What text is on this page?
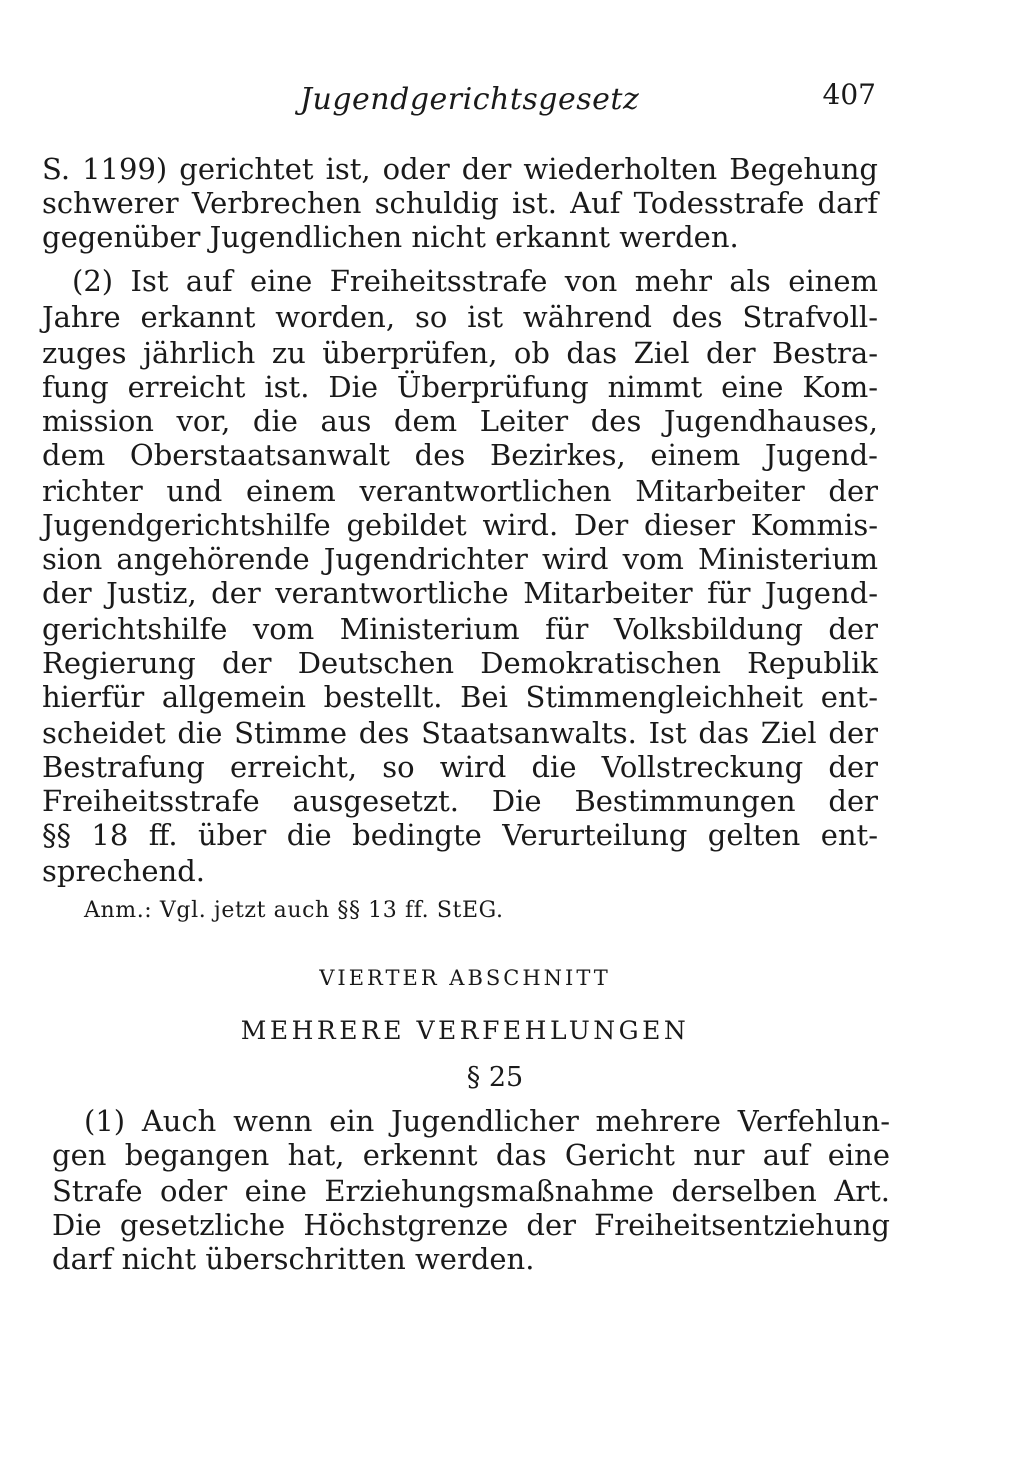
Jugendgerichtsgesetz	407
S. 1199) gerichtet ist, oder der wiederholten Begehung
schwerer Verbrechen schuldig ist. Auf Todesstrafe darf
gegenüber Jugendlichen nicht erkannt werden.
(2) Ist auf eine Freiheitsstrafe von mehr als einem
Jahre erkannt worden, so ist während des Strafvoll-
zuges jährlich zu überprüfen, ob das Ziel der Bestra-
fung erreicht ist. Die Überprüfung nimmt eine Kom-
mission vor, die aus dem Leiter des Jugendhauses,
dem Oberstaatsanwalt des Bezirkes, einem Jugend-
richter und einem verantwortlichen Mitarbeiter der
Jugendgerichtshilfe gebildet wird. Der dieser Kommis-
sion angehörende Jugendrichter wird vom Ministerium
der Justiz, der verantwortliche Mitarbeiter für Jugend-
gerichtshilfe vom Ministerium für Volksbildung der
Regierung der Deutschen Demokratischen Republik
hierfür allgemein bestellt. Bei Stimmengleichheit ent-
scheidet die Stimme des Staatsanwalts. Ist das Ziel der
Bestrafung erreicht, so wird die Vollstreckung der
Freiheitsstrafe ausgesetzt. Die Bestimmungen der
§§ 18 ff. über die bedingte Verurteilung gelten ent-
sprechend.
Anm.: Vgl. jetzt auch §§ 13 ff. StEG.
VIERTER ABSCHNITT
MEHRERE VERFEHLUNGEN
§ 25
(1) Auch wenn ein Jugendlicher mehrere Verfehlun-
gen begangen hat, erkennt das Gericht nur auf eine
Strafe oder eine Erziehungsmaßnahme derselben Art.
Die gesetzliche Höchstgrenze der Freiheitsentziehung
darf nicht überschritten werden.
